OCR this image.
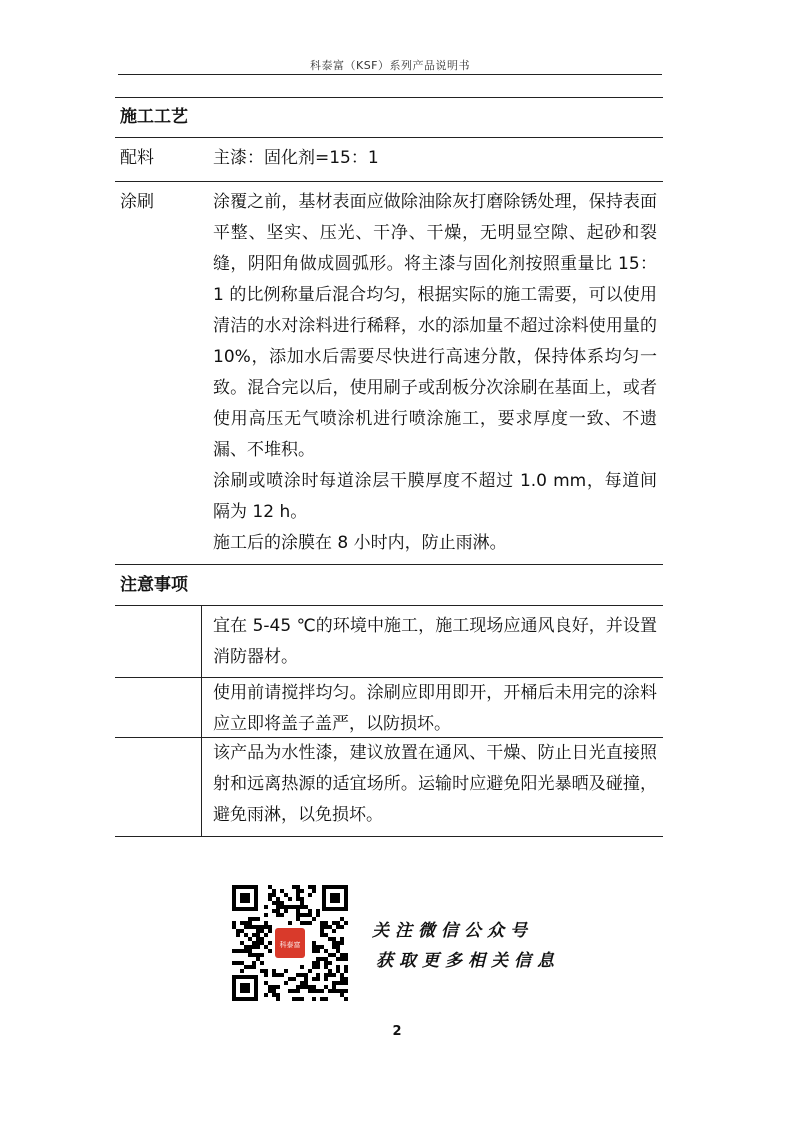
科泰富（KSF）系列产品说明书
施工工艺
配料	主漆：固化剂=15：1
涂刷	涂覆之前，基材表面应做除油除灰打磨除锈处理，保持表面平整、坚实、压光、干净、干燥，无明显空隙、起砂和裂缝，阴阳角做成圆弧形。将主漆与固化剂按照重量比 15：1 的比例称量后混合均匀，根据实际的施工需要，可以使用清洁的水对涂料进行稀释，水的添加量不超过涂料使用量的 10%，添加水后需要尽快进行高速分散，保持体系均匀一致。混合完以后，使用刷子或刮板分次涂刷在基面上，或者使用高压无气喷涂机进行喷涂施工，要求厚度一致、不遗漏、不堆积。

涂刷或喷涂时每道涂层干膜厚度不超过 1.0 mm，每道间隔为 12 h。

施工后的涂膜在 8 小时内，防止雨淋。

注意事项
宜在 5-45 ℃的环境中施工，施工现场应通风良好，并设置消防器材。
使用前请搅拌均匀。涂刷应即用即开，开桶后未用完的涂料应立即将盖子盖严，以防损坏。
该产品为水性漆，建议放置在通风、干燥、防止日光直接照射和远离热源的适宜场所。运输时应避免阳光暴晒及碰撞，避免雨淋，以免损坏。
科泰富
关注微信公众号
获取更多相关信息
2
